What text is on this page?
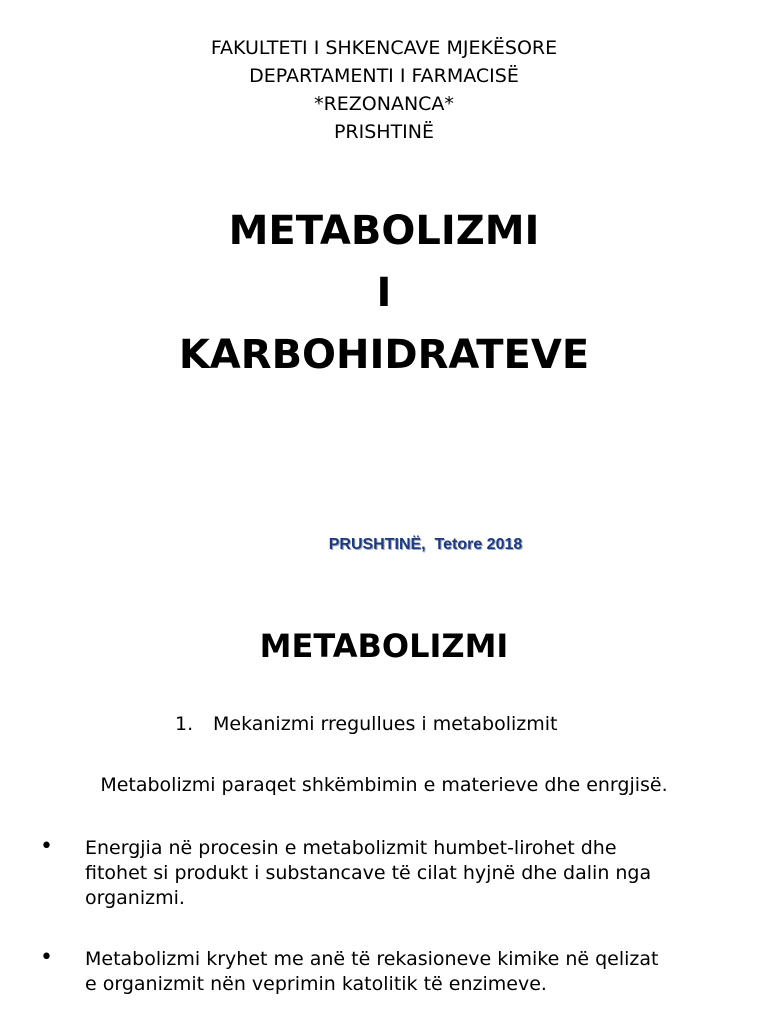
FAKULTETI I SHKENCAVE MJEKËSORE
DEPARTAMENTI I FARMACISË
*REZONANCA*
PRISHTINË
METABOLIZMI
I
KARBOHIDRATEVE
PRUSHTINË,  Tetore 2018
METABOLIZMI
1. Mekanizmi rregullues i metabolizmit
Metabolizmi paraqet shkëmbimin e materieve dhe enrgjisë.
• Energjia në procesin e metabolizmit humbet-lirohet dhe
fitohet si produkt i substancave të cilat hyjnë dhe dalin nga
organizmi.
• Metabolizmi kryhet me anë të rekasioneve kimike në qelizat
e organizmit nën veprimin katolitik të enzimeve.
